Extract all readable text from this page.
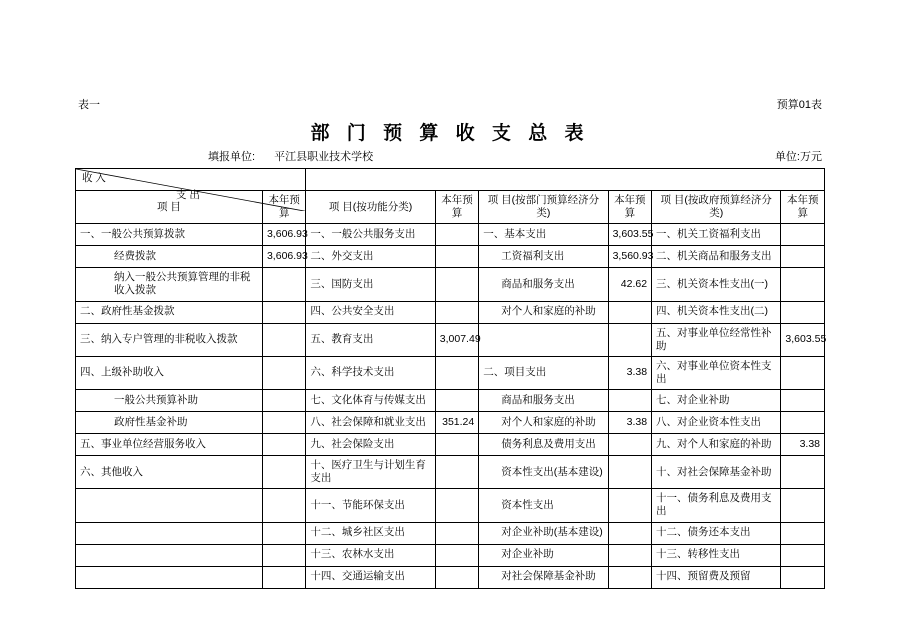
表一	预算01表
部 门 预 算 收 支 总 表
填报单位: 平江县职业技术学校	单位:万元
收 入
支 出							

项 目	本年预算	项 目(按功能分类)	本年预算	项 目(按部门预算经济分类)	本年预算	项 目(按政府预算经济分类)	本年预算
一、一般公共预算拨款	3,606.93	一、一般公共服务支出		一、基本支出	3,603.55	一、机关工资福利支出	
经费拨款	3,606.93	二、外交支出		工资福利支出	3,560.93	二、机关商品和服务支出	
纳入一般公共预算管理的非税收入拨款		三、国防支出		商品和服务支出	42.62	三、机关资本性支出(一)	
二、政府性基金拨款		四、公共安全支出		对个人和家庭的补助		四、机关资本性支出(二)	
三、纳入专户管理的非税收入拨款		五、教育支出	3,007.49			五、对事业单位经常性补助	3,603.55
四、上级补助收入		六、科学技术支出		二、项目支出	3.38	六、对事业单位资本性支出	
一般公共预算补助		七、文化体育与传媒支出		商品和服务支出		七、对企业补助	
政府性基金补助		八、社会保障和就业支出	351.24	对个人和家庭的补助	3.38	八、对企业资本性支出	
五、事业单位经营服务收入		九、社会保险支出		债务利息及费用支出		九、对个人和家庭的补助	3.38
六、其他收入		十、医疗卫生与计划生育支出		资本性支出(基本建设)		十、对社会保障基金补助	
		十一、节能环保支出		资本性支出		十一、债务利息及费用支出	
		十二、城乡社区支出		对企业补助(基本建设)		十二、债务还本支出	
		十三、农林水支出		对企业补助		十三、转移性支出	
		十四、交通运输支出		对社会保障基金补助		十四、预留费及预留	
